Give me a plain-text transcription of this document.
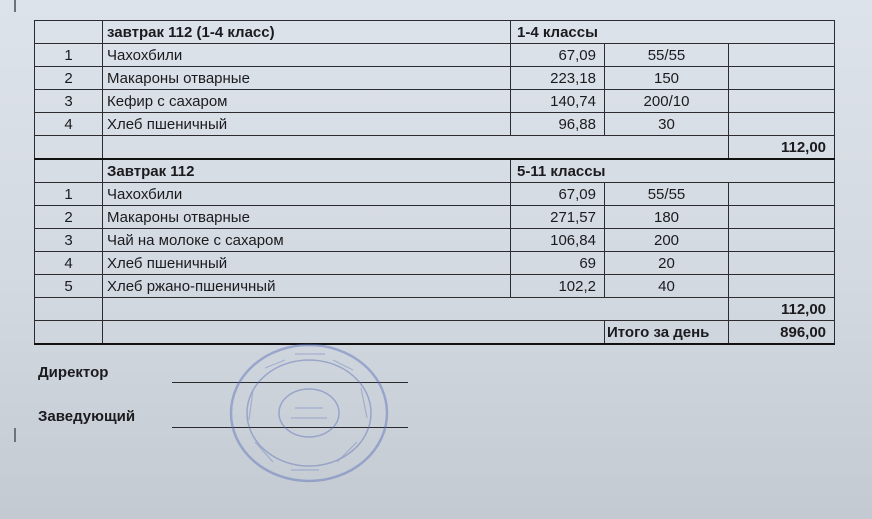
	завтрак 112 (1-4 класс)	1-4 классы		
1	Чахохбили	67,09	55/55	
2	Макароны отварные	223,18	150	
3	Кефир с сахаром	140,74	200/10	
4	Хлеб пшеничный	96,88	30	
				112,00
	Завтрак 112	5-11 классы		
1	Чахохбили	67,09	55/55	
2	Макароны отварные	271,57	180	
3	Чай на молоке с сахаром	106,84	200	
4	Хлеб пшеничный	69	20	
5	Хлеб ржано-пшеничный	102,2	40	
				112,00
			Итого за день	896,00
Директор
Заведующий
